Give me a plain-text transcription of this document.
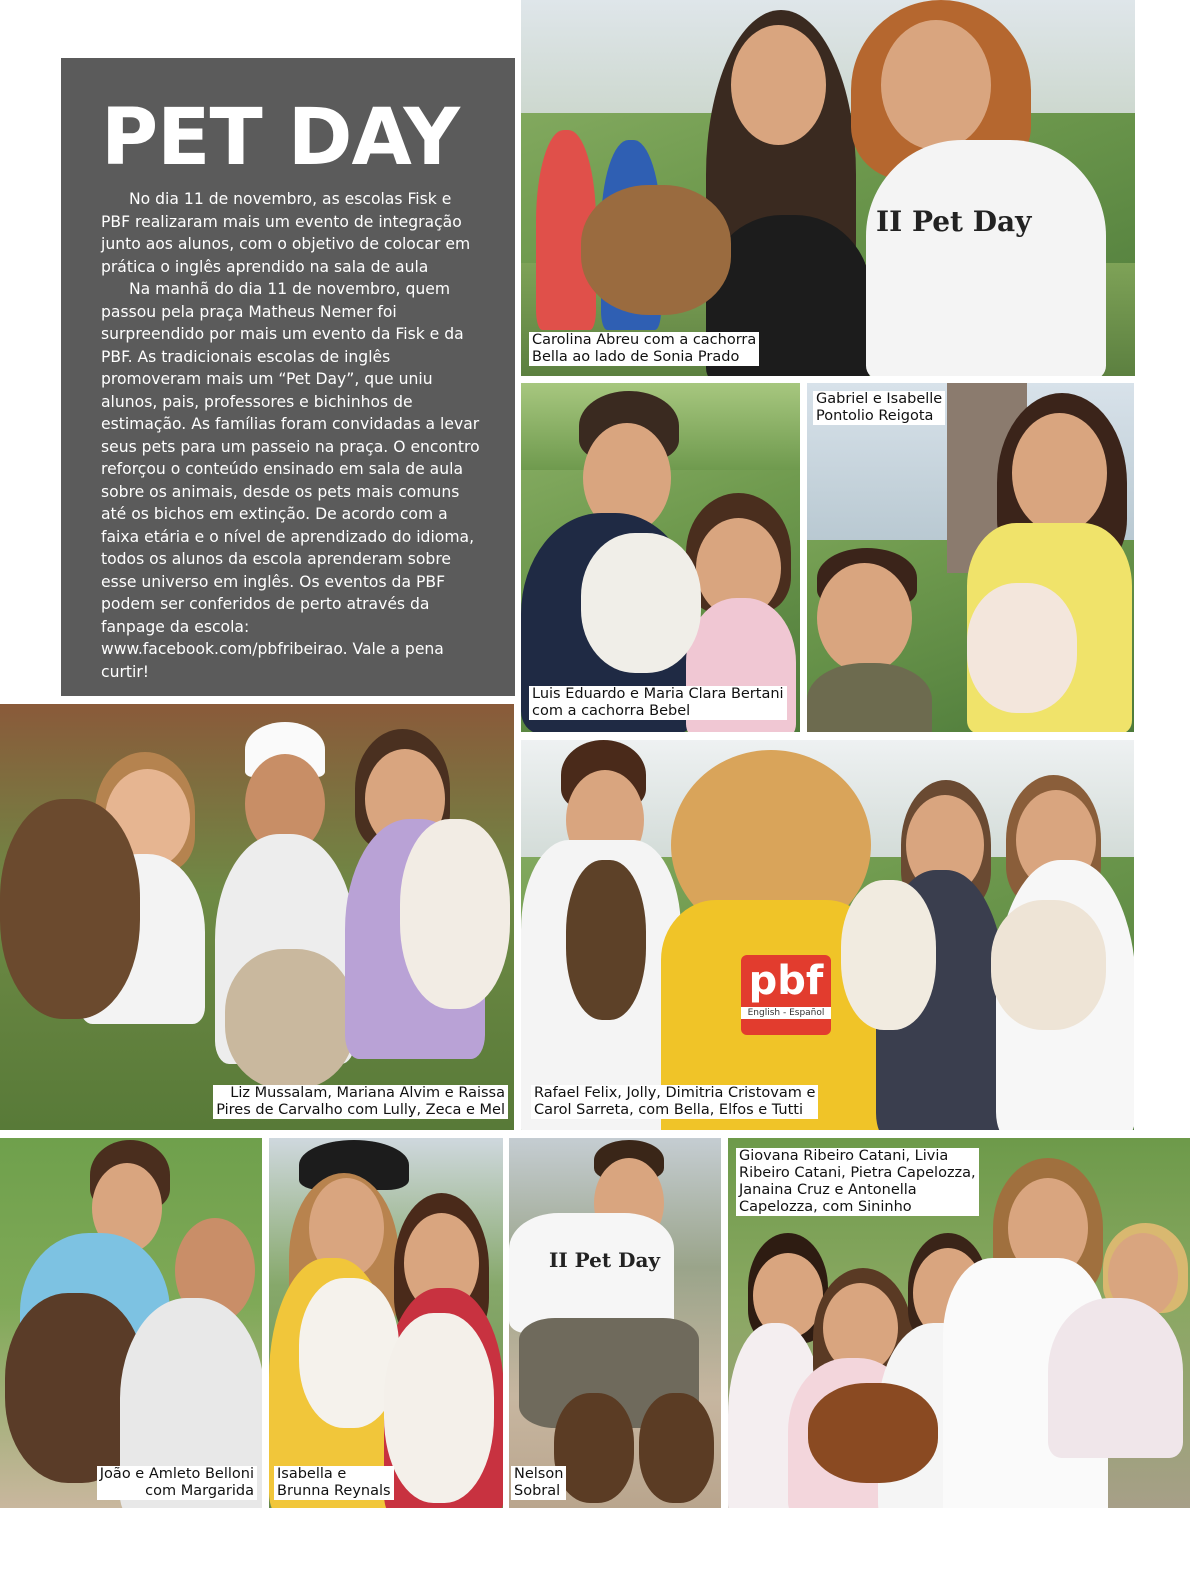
PET DAY

No dia 11 de novembro, as escolas Fisk e PBF realizaram mais um evento de integração junto aos alunos, com o objetivo de colocar em prática o inglês aprendido na sala de aula

Na manhã do dia 11 de novembro, quem passou pela praça Matheus Nemer foi surpreendido por mais um evento da Fisk e da PBF. As tradicionais escolas de inglês promoveram mais um “Pet Day”, que uniu alunos, pais, professores e bichinhos de estimação. As famílias foram convidadas a levar seus pets para um passeio na praça. O encontro reforçou o conteúdo ensinado em sala de aula sobre os animais, desde os pets mais comuns até os bichos em extinção. De acordo com a faixa etária e o nível de aprendizado do idioma, todos os alunos da escola aprenderam sobre esse universo em inglês. Os eventos da PBF podem ser conferidos de perto através da fanpage da escola: www.facebook.com/pbfribeirao. Vale a pena curtir!

II Pet Day
Carolina Abreu com a cachorra
Bella ao lado de Sonia Prado
Luis Eduardo e Maria Clara Bertani
com a cachorra Bebel
Gabriel e Isabelle
Pontolio Reigota
Liz Mussalam, Mariana Alvim e Raissa
Pires de Carvalho com Lully, Zeca e Mel
pbf
English - Español
Rafael Felix, Jolly, Dimitria Cristovam e
Carol Sarreta, com Bella, Elfos e Tutti
João e Amleto Belloni
com Margarida
Isabella e
Brunna Reynals
II Pet Day
Nelson
Sobral
Giovana Ribeiro Catani, Livia
Ribeiro Catani, Pietra Capelozza,
Janaina Cruz e Antonella
Capelozza, com Sininho
